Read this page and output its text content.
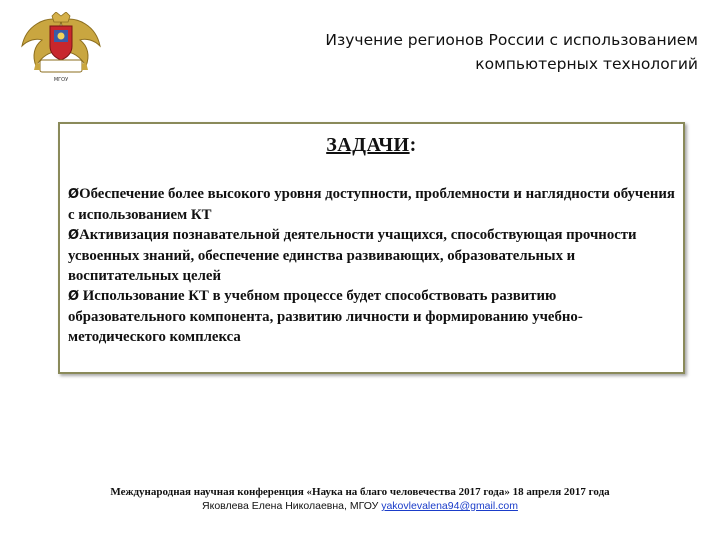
МГОУ
Изучение регионов России с использованием
компьютерных технологий
ЗАДАЧИ:

ØОбеспечение более высокого уровня доступности, проблемности и наглядности обучения с использованием КТ

ØАктивизация познавательной деятельности учащихся, способствующая прочности усвоенных знаний, обеспечение единства развивающих, образовательных и воспитательных целей

Ø Использование КТ в учебном процессе будет способствовать развитию образовательного компонента, развитию личности и формированию учебно-методического комплекса

Международная научная конференция «Наука на благо человечества 2017 года» 18 апреля 2017 года
Яковлева Елена Николаевна, МГОУ yakovlevalena94@gmail.com
